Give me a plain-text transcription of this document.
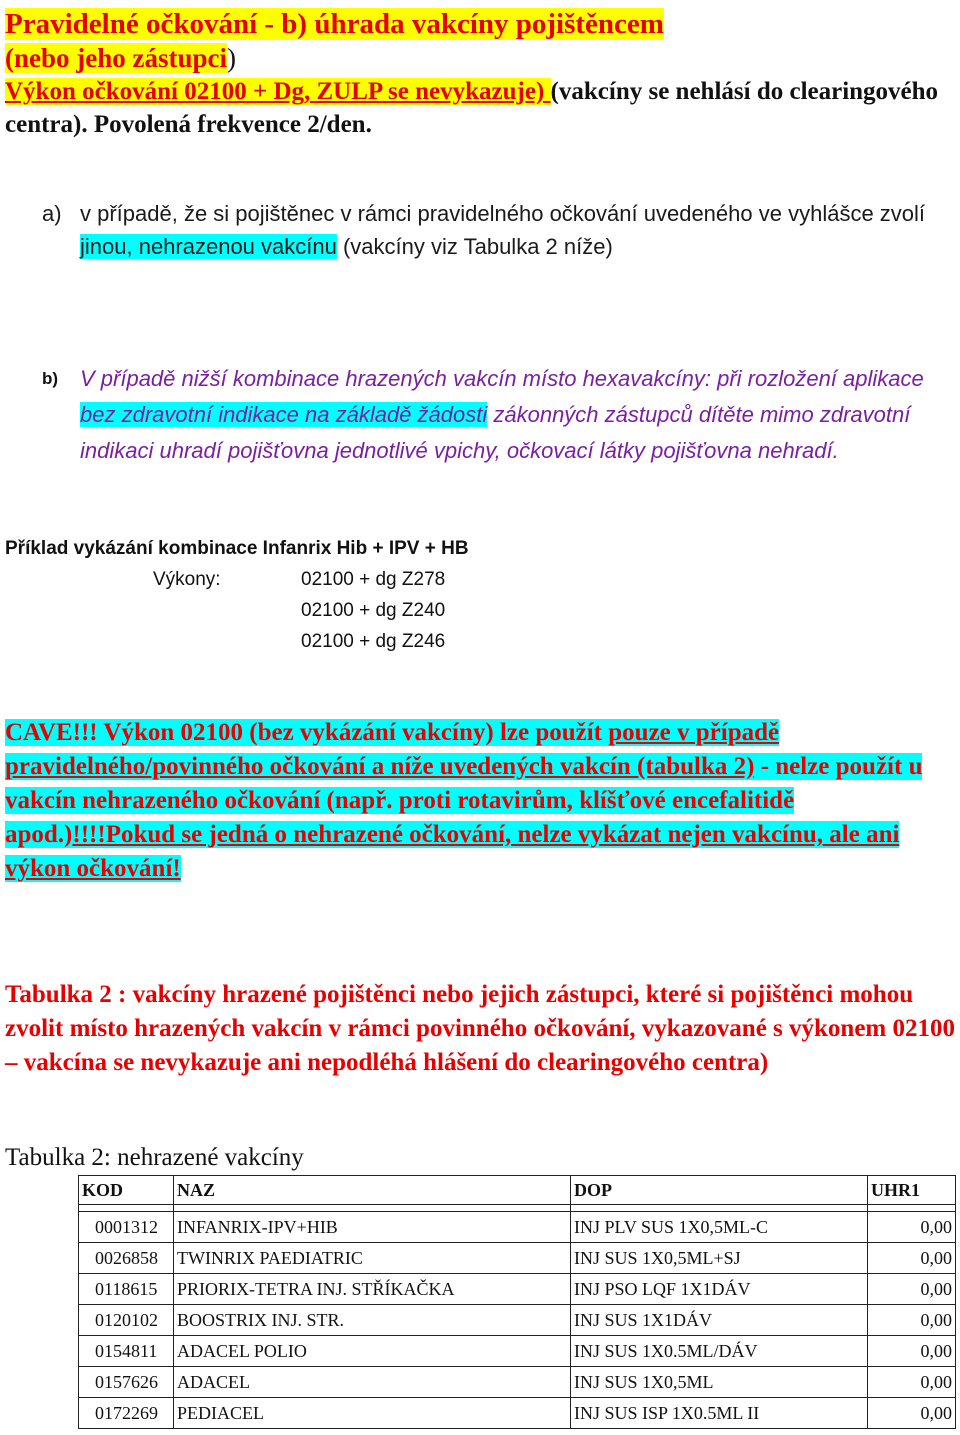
Pravidelné očkování - b) úhrada vakcíny pojištěncem
(nebo jeho zástupci)
Výkon očkování 02100 + Dg, ZULP se nevykazuje) (vakcíny se nehlásí do clearingového centra). Povolená frekvence 2/den.
a) v případě, že si pojištěnec v rámci pravidelného očkování uvedeného ve vyhlášce zvolí jinou, nehrazenou vakcínu (vakcíny viz Tabulka 2 níže)
b) V případě nižší kombinace hrazených vakcín místo hexavakcíny: při rozložení aplikace bez zdravotní indikace na základě žádosti zákonných zástupců dítěte mimo zdravotní indikaci uhradí pojišťovna jednotlivé vpichy, očkovací látky pojišťovna nehradí.
Příklad vykázání kombinace Infanrix Hib + IPV + HB
Výkony:	02100 + dg Z278
02100 + dg Z240
02100 + dg Z246
CAVE!!! Výkon 02100 (bez vykázání vakcíny) lze použít pouze v případě pravidelného/povinného očkování a níže uvedených vakcín (tabulka 2) - nelze použít u vakcín nehrazeného očkování (např. proti rotavirům, klíšťové encefalitidě apod.)!!!!Pokud se jedná o nehrazené očkování, nelze vykázat nejen vakcínu, ale ani výkon očkování!
Tabulka 2 : vakcíny hrazené pojištěnci nebo jejich zástupci, které si pojištěnci mohou zvolit místo hrazených vakcín v rámci povinného očkování, vykazované s výkonem 02100 – vakcína se nevykazuje ani nepodléhá hlášení do clearingového centra)
Tabulka 2: nehrazené vakcíny
KOD	NAZ	DOP	UHR1

0001312	INFANRIX-IPV+HIB	INJ PLV SUS 1X0,5ML-C	0,00
0026858	TWINRIX PAEDIATRIC	INJ SUS 1X0,5ML+SJ	0,00
0118615	PRIORIX-TETRA INJ. STŘÍKAČKA	INJ PSO LQF 1X1DÁV	0,00
0120102	BOOSTRIX INJ. STR.	INJ SUS 1X1DÁV	0,00
0154811	ADACEL POLIO	INJ SUS 1X0.5ML/DÁV	0,00
0157626	ADACEL	INJ SUS 1X0,5ML	0,00
0172269	PEDIACEL	INJ SUS ISP 1X0.5ML II	0,00
